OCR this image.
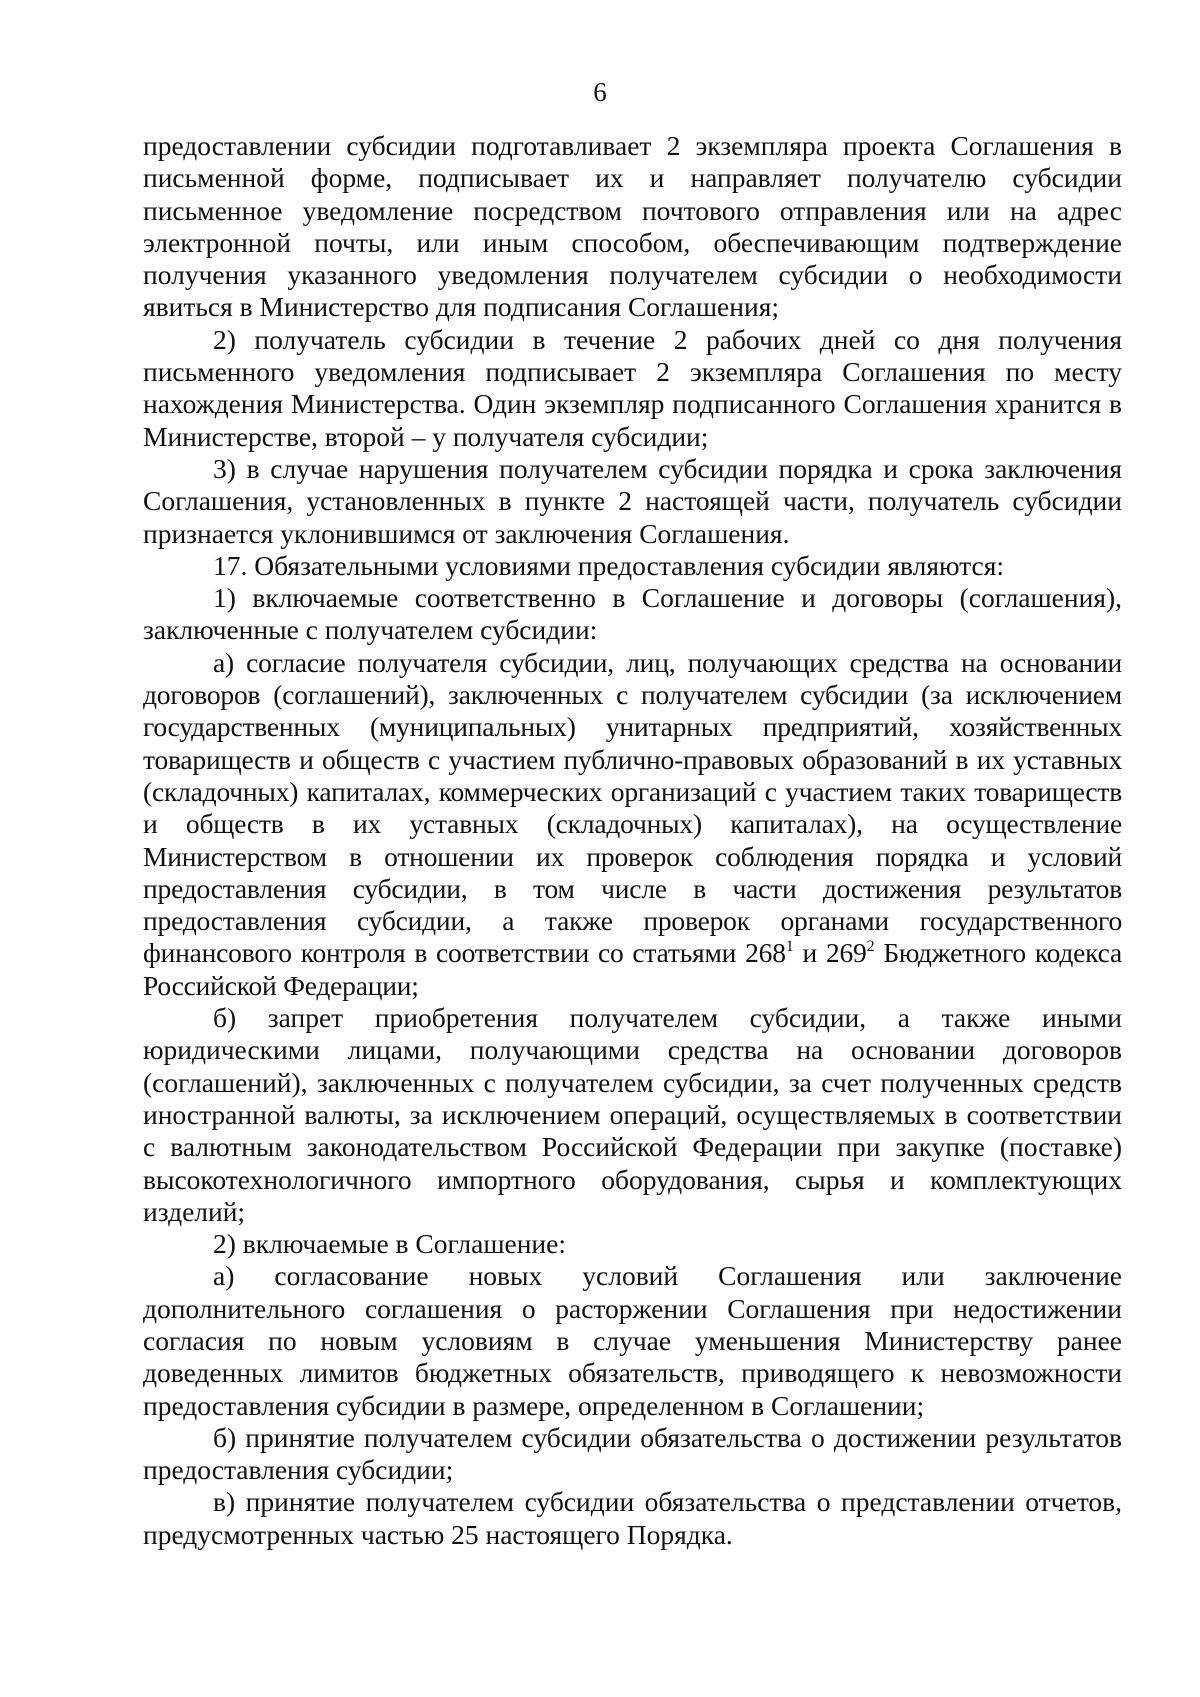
6

предоставлении субсидии подготавливает 2 экземпляра проекта Соглашения в письменной форме, подписывает их и направляет получателю субсидии письменное уведомление посредством почтового отправления или на адрес электронной почты, или иным способом, обеспечивающим подтверждение получения указанного уведомления получателем субсидии о необходимости явиться в Министерство для подписания Соглашения;

2) получатель субсидии в течение 2 рабочих дней со дня получения письменного уведомления подписывает 2 экземпляра Соглашения по месту нахождения Министерства. Один экземпляр подписанного Соглашения хранится в Министерстве, второй – у получателя субсидии;

3) в случае нарушения получателем субсидии порядка и срока заключения Соглашения, установленных в пункте 2 настоящей части, получатель субсидии признается уклонившимся от заключения Соглашения.

17. Обязательными условиями предоставления субсидии являются:

1) включаемые соответственно в Соглашение и договоры (соглашения), заключенные с получателем субсидии:

а) согласие получателя субсидии, лиц, получающих средства на основании договоров (соглашений), заключенных с получателем субсидии (за исключением государственных (муниципальных) унитарных предприятий, хозяйственных товариществ и обществ с участием публично-правовых образований в их уставных (складочных) капиталах, коммерческих организаций с участием таких товариществ и обществ в их уставных (складочных) капиталах), на осуществление Министерством в отношении их проверок соблюдения порядка и условий предоставления субсидии, в том числе в части достижения результатов предоставления субсидии, а также проверок органами государственного финансового контроля в соответствии со статьями $268^1$ и $269^2$ Бюджетного кодекса Российской Федерации;

б) запрет приобретения получателем субсидии, а также иными юридическими лицами, получающими средства на основании договоров (соглашений), заключенных с получателем субсидии, за счет полученных средств иностранной валюты, за исключением операций, осуществляемых в соответствии с валютным законодательством Российской Федерации при закупке (поставке) высокотехнологичного импортного оборудования, сырья и комплектующих изделий;

2) включаемые в Соглашение:

а) согласование новых условий Соглашения или заключение дополнительного соглашения о расторжении Соглашения при недостижении согласия по новым условиям в случае уменьшения Министерству ранее доведенных лимитов бюджетных обязательств, приводящего к невозможности предоставления субсидии в размере, определенном в Соглашении;

б) принятие получателем субсидии обязательства о достижении результатов предоставления субсидии;

в) принятие получателем субсидии обязательства о представлении отчетов, предусмотренных частью 25 настоящего Порядка.
